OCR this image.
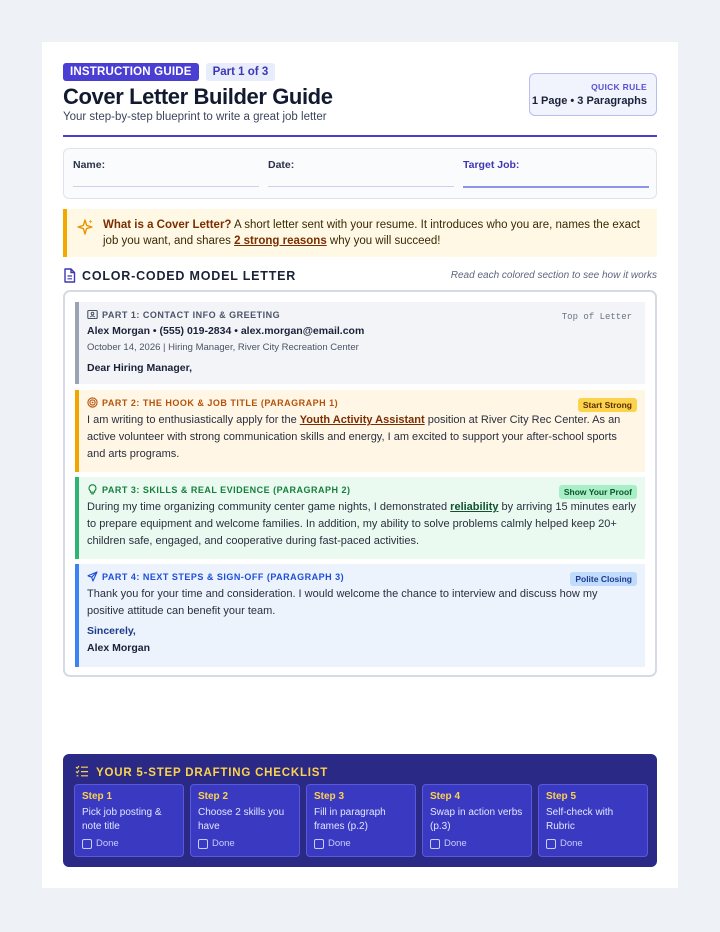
INSTRUCTION GUIDE	Part 1 of 3
Cover Letter Builder Guide
Your step-by-step blueprint to write a great job letter
QUICK RULE
1 Page • 3 Paragraphs
Name:	Date:	Target Job:
What is a Cover Letter? A short letter sent with your resume. It introduces who you are, names the exact job you want, and shares 2 strong reasons why you will succeed!
COLOR-CODED MODEL LETTER	Read each colored section to see how it works
PART 1: CONTACT INFO & GREETING	Top of Letter
Alex Morgan • (555) 019-2834 • alex.morgan@email.com
October 14, 2026 | Hiring Manager, River City Recreation Center
Dear Hiring Manager,
PART 2: THE HOOK & JOB TITLE (PARAGRAPH 1)	Start Strong
I am writing to enthusiastically apply for the Youth Activity Assistant position at River City Rec Center. As an active volunteer with strong communication skills and energy, I am excited to support your after-school sports and arts programs.
PART 3: SKILLS & REAL EVIDENCE (PARAGRAPH 2)	Show Your Proof
During my time organizing community center game nights, I demonstrated reliability by arriving 15 minutes early to prepare equipment and welcome families. In addition, my ability to solve problems calmly helped keep 20+ children safe, engaged, and cooperative during fast-paced activities.
PART 4: NEXT STEPS & SIGN-OFF (PARAGRAPH 3)	Polite Closing
Thank you for your time and consideration. I would welcome the chance to interview and discuss how my positive attitude can benefit your team.
Sincerely,
Alex Morgan
YOUR 5-STEP DRAFTING CHECKLIST
Step 1
Pick job posting & note title
Done
Step 2
Choose 2 skills you have
Done
Step 3
Fill in paragraph frames (p.2)
Done
Step 4
Swap in action verbs (p.3)
Done
Step 5
Self-check with Rubric
Done
